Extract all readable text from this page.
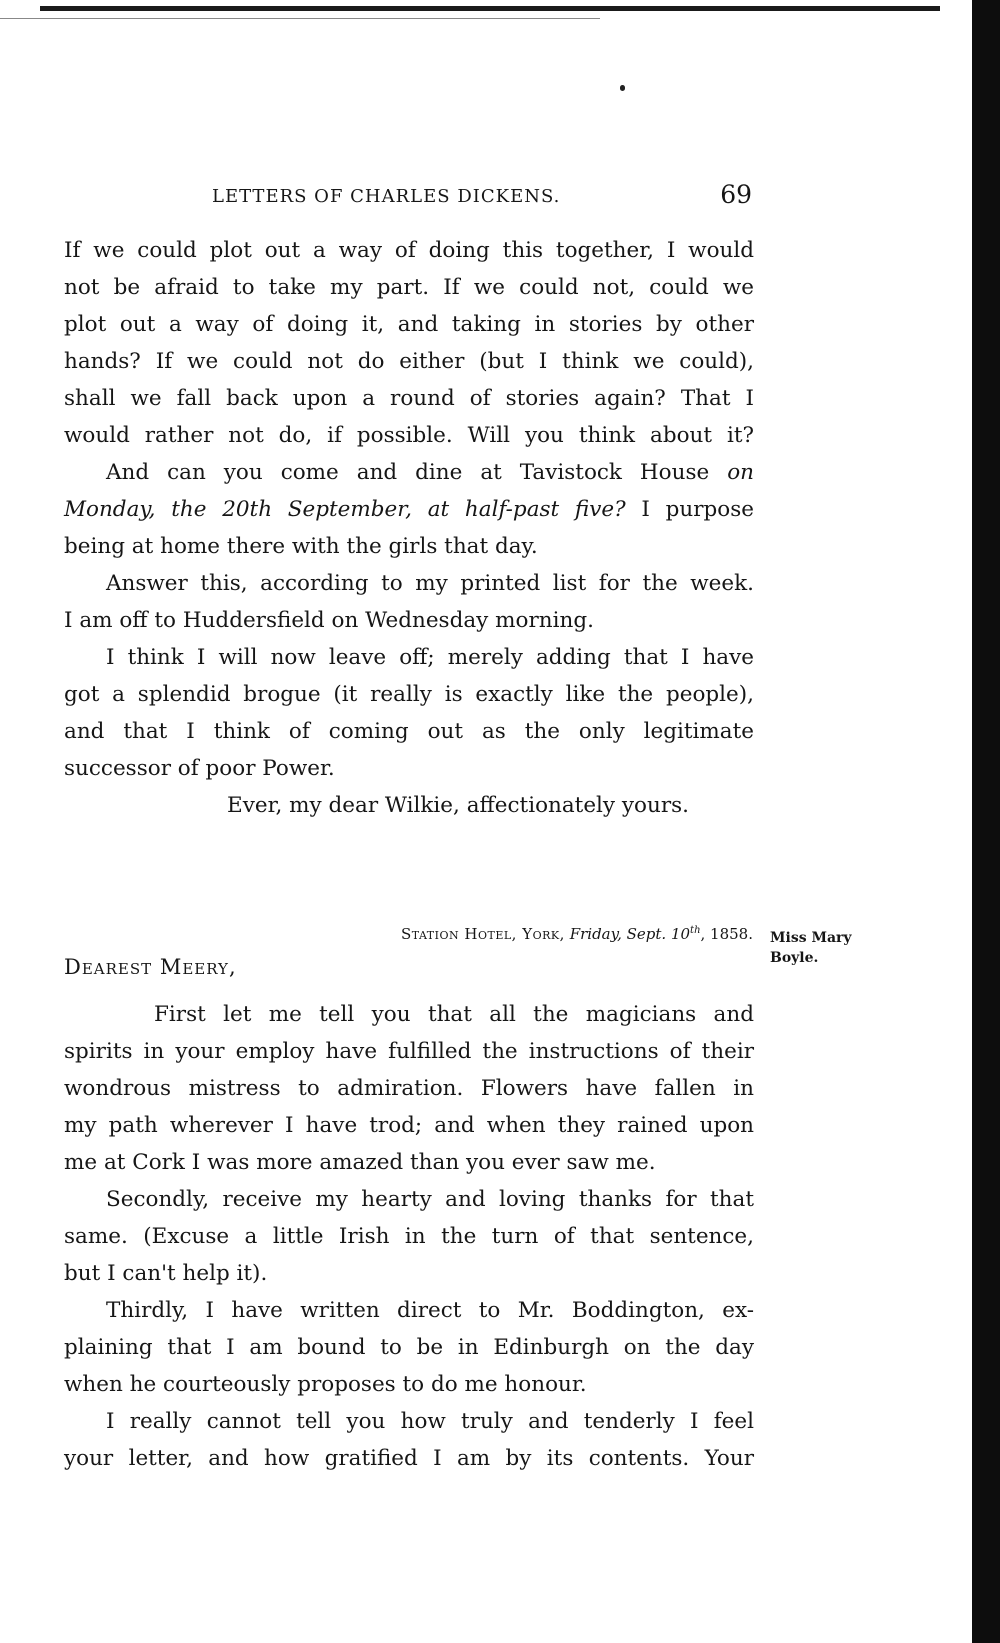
LETTERS OF CHARLES DICKENS.	69
If we could plot out a way of doing this together, I would
not be afraid to take my part. If we could not, could we
plot out a way of doing it, and taking in stories by other
hands? If we could not do either (but I think we could),
shall we fall back upon a round of stories again? That I
would rather not do, if possible. Will you think about it?
And can you come and dine at Tavistock House on
Monday, the 20th September, at half-past five? I purpose
being at home there with the girls that day.
Answer this, according to my printed list for the week.
I am off to Huddersfield on Wednesday morning.
I think I will now leave off; merely adding that I have
got a splendid brogue (it really is exactly like the people),
and that I think of coming out as the only legitimate
successor of poor Power.
Ever, my dear Wilkie, affectionately yours.
Station Hotel, York, Friday, Sept. 10th, 1858. Miss Mary
Boyle.
Dearest Meery,
First let me tell you that all the magicians and
spirits in your employ have fulfilled the instructions of their
wondrous mistress to admiration. Flowers have fallen in
my path wherever I have trod; and when they rained upon
me at Cork I was more amazed than you ever saw me.
Secondly, receive my hearty and loving thanks for that
same. (Excuse a little Irish in the turn of that sentence,
but I can't help it).
Thirdly, I have written direct to Mr. Boddington, ex-
plaining that I am bound to be in Edinburgh on the day
when he courteously proposes to do me honour.
I really cannot tell you how truly and tenderly I feel
your letter, and how gratified I am by its contents. Your
